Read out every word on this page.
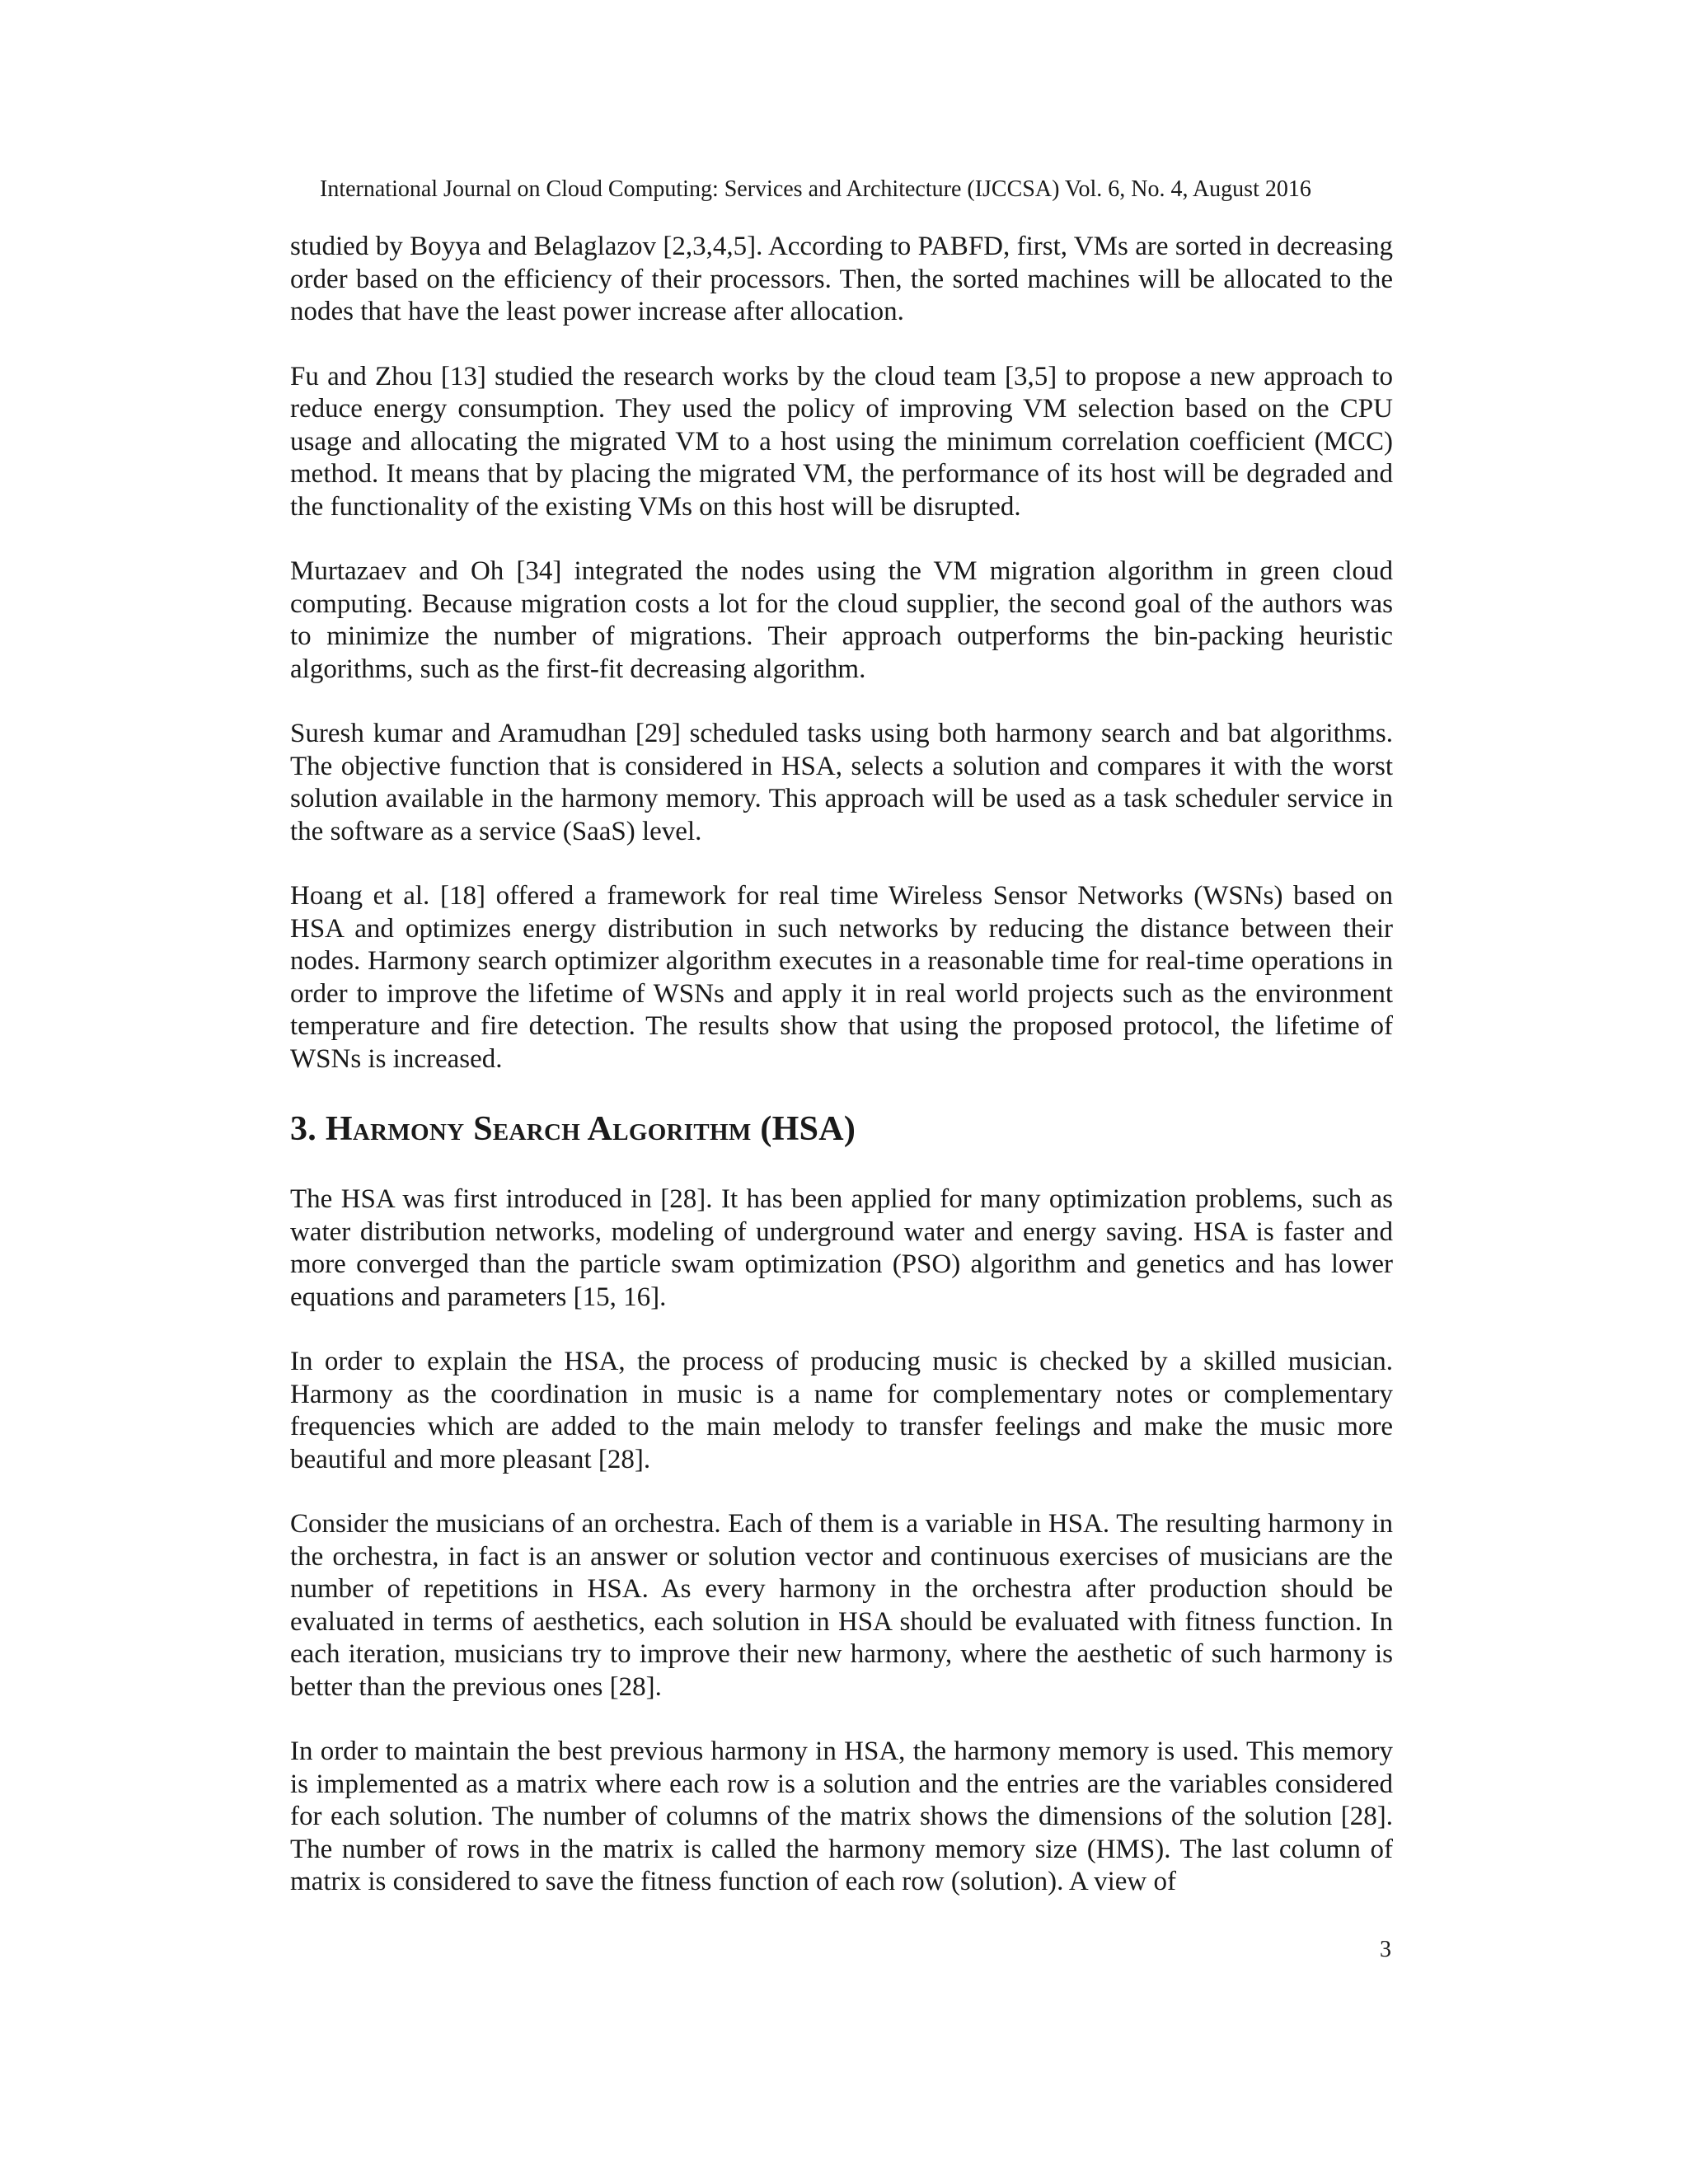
International Journal on Cloud Computing: Services and Architecture (IJCCSA) Vol. 6, No. 4, August 2016

studied by Boyya and Belaglazov [2,3,4,5]. According to PABFD, first, VMs are sorted in decreasing order based on the efficiency of their processors. Then, the sorted machines will be allocated to the nodes that have the least power increase after allocation.

Fu and Zhou [13] studied the research works by the cloud team [3,5] to propose a new approach to reduce energy consumption. They used the policy of improving VM selection based on the CPU usage and allocating the migrated VM to a host using the minimum correlation coefficient (MCC) method. It means that by placing the migrated VM, the performance of its host will be degraded and the functionality of the existing VMs on this host will be disrupted.

Murtazaev and Oh [34] integrated the nodes using the VM migration algorithm in green cloud computing. Because migration costs a lot for the cloud supplier, the second goal of the authors was to minimize the number of migrations. Their approach outperforms the bin-packing heuristic algorithms, such as the first-fit decreasing algorithm.

Suresh kumar and Aramudhan [29] scheduled tasks using both harmony search and bat algorithms. The objective function that is considered in HSA, selects a solution and compares it with the worst solution available in the harmony memory. This approach will be used as a task scheduler service in the software as a service (SaaS) level.

Hoang et al. [18] offered a framework for real time Wireless Sensor Networks (WSNs) based on HSA and optimizes energy distribution in such networks by reducing the distance between their nodes. Harmony search optimizer algorithm executes in a reasonable time for real-time operations in order to improve the lifetime of WSNs and apply it in real world projects such as the environment temperature and fire detection. The results show that using the proposed protocol, the lifetime of WSNs is increased.

3. Harmony Search Algorithm (HSA)

The HSA was first introduced in [28]. It has been applied for many optimization problems, such as water distribution networks, modeling of underground water and energy saving. HSA is faster and more converged than the particle swam optimization (PSO) algorithm and genetics and has lower equations and parameters [15, 16].

In order to explain the HSA, the process of producing music is checked by a skilled musician. Harmony as the coordination in music is a name for complementary notes or complementary frequencies which are added to the main melody to transfer feelings and make the music more beautiful and more pleasant [28].

Consider the musicians of an orchestra. Each of them is a variable in HSA. The resulting harmony in the orchestra, in fact is an answer or solution vector and continuous exercises of musicians are the number of repetitions in HSA. As every harmony in the orchestra after production should be evaluated in terms of aesthetics, each solution in HSA should be evaluated with fitness function. In each iteration, musicians try to improve their new harmony, where the aesthetic of such harmony is better than the previous ones [28].

In order to maintain the best previous harmony in HSA, the harmony memory is used. This memory is implemented as a matrix where each row is a solution and the entries are the variables considered for each solution. The number of columns of the matrix shows the dimensions of the solution [28]. The number of rows in the matrix is called the harmony memory size (HMS). The last column of matrix is considered to save the fitness function of each row (solution). A view of

3
